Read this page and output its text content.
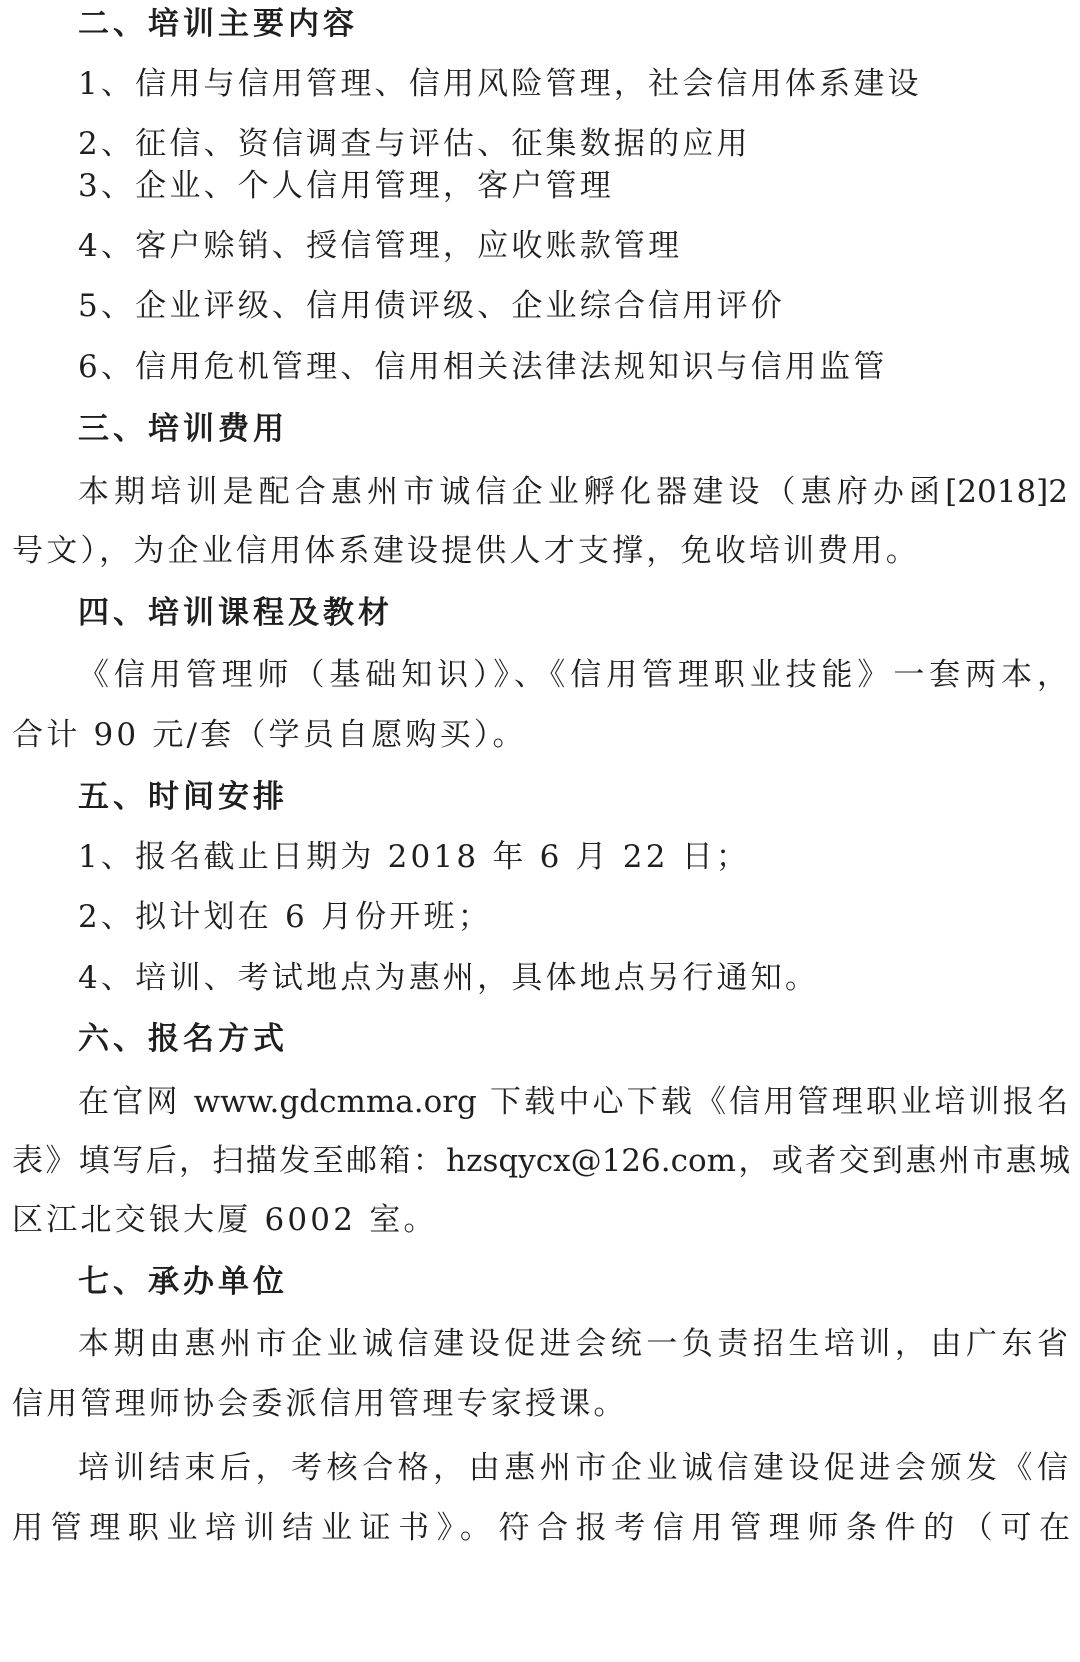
二、培训主要内容
1、信用与信用管理、信用风险管理，社会信用体系建设
2、征信、资信调查与评估、征集数据的应用
3、企业、个人信用管理，客户管理
4、客户赊销、授信管理，应收账款管理
5、企业评级、信用债评级、企业综合信用评价
6、信用危机管理、信用相关法律法规知识与信用监管
三、培训费用
本期培训是配合惠州市诚信企业孵化器建设（惠府办函[2018]2
号文），为企业信用体系建设提供人才支撑，免收培训费用。
四、培训课程及教材
《信用管理师（基础知识）》、《信用管理职业技能》一套两本，
合计 90 元/套（学员自愿购买）。
五、时间安排
1、报名截止日期为 2018 年 6 月 22 日；
2、拟计划在 6 月份开班；
4、培训、考试地点为惠州，具体地点另行通知。
六、报名方式
在官网 www.gdcmma.org 下载中心下载《信用管理职业培训报名
表》填写后，扫描发至邮箱：hzsqycx@126.com，或者交到惠州市惠城
区江北交银大厦 6002 室。
七、承办单位
本期由惠州市企业诚信建设促进会统一负责招生培训，由广东省
信用管理师协会委派信用管理专家授课。
培训结束后，考核合格，由惠州市企业诚信建设促进会颁发《信
用管理职业培训结业证书》。符合报考信用管理师条件的（可在
